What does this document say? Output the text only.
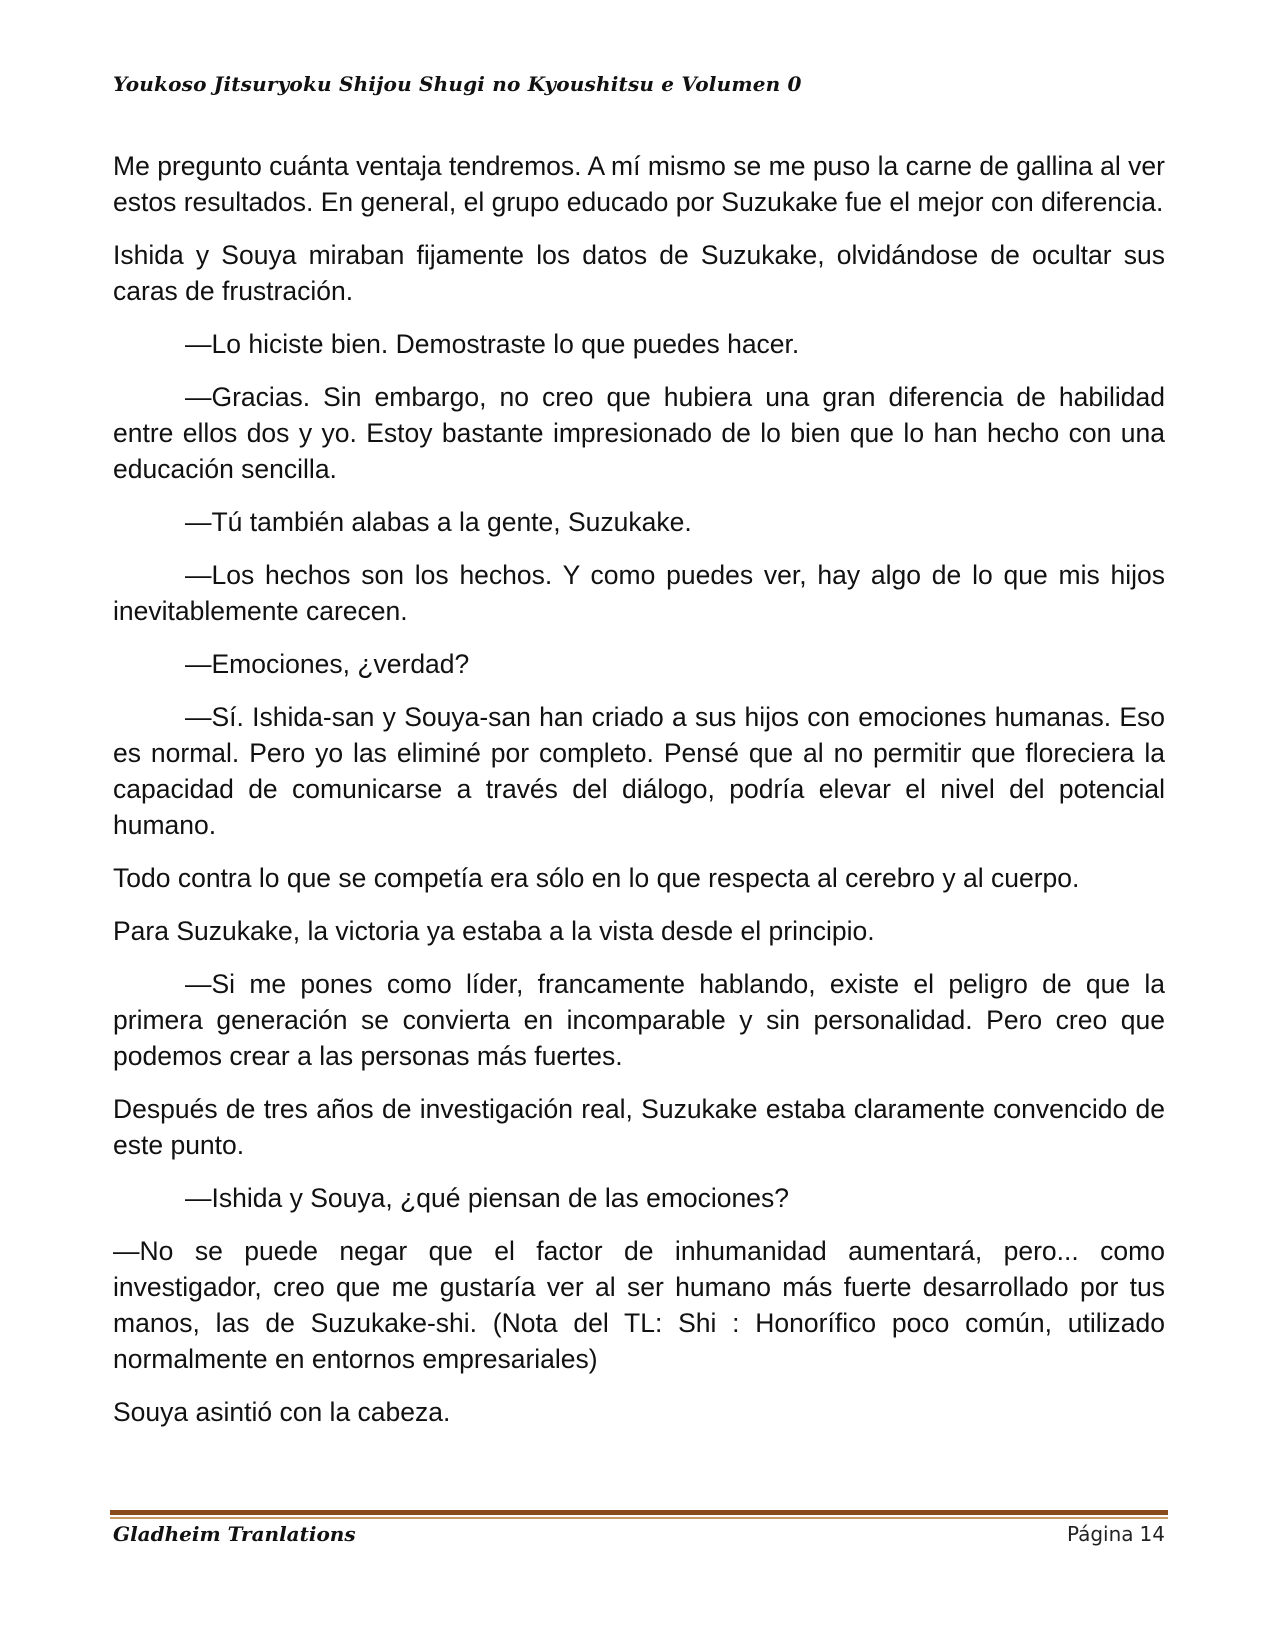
Youkoso Jitsuryoku Shijou Shugi no Kyoushitsu e Volumen 0

Me pregunto cuánta ventaja tendremos. A mí mismo se me puso la carne de gallina al ver estos resultados. En general, el grupo educado por Suzukake fue el mejor con diferencia.

Ishida y Souya miraban fijamente los datos de Suzukake, olvidándose de ocultar sus caras de frustración.

—Lo hiciste bien. Demostraste lo que puedes hacer.

—Gracias. Sin embargo, no creo que hubiera una gran diferencia de habilidad entre ellos dos y yo. Estoy bastante impresionado de lo bien que lo han hecho con una educación sencilla.

—Tú también alabas a la gente, Suzukake.

—Los hechos son los hechos. Y como puedes ver, hay algo de lo que mis hijos inevitablemente carecen.

—Emociones, ¿verdad?

—Sí. Ishida-san y Souya-san han criado a sus hijos con emociones humanas. Eso es normal. Pero yo las eliminé por completo. Pensé que al no permitir que floreciera la capacidad de comunicarse a través del diálogo, podría elevar el nivel del potencial humano.

Todo contra lo que se competía era sólo en lo que respecta al cerebro y al cuerpo.

Para Suzukake, la victoria ya estaba a la vista desde el principio.

—Si me pones como líder, francamente hablando, existe el peligro de que la primera generación se convierta en incomparable y sin personalidad. Pero creo que podemos crear a las personas más fuertes.

Después de tres años de investigación real, Suzukake estaba claramente convencido de este punto.

—Ishida y Souya, ¿qué piensan de las emociones?

—No se puede negar que el factor de inhumanidad aumentará, pero... como investigador, creo que me gustaría ver al ser humano más fuerte desarrollado por tus manos, las de Suzukake-shi. (Nota del TL: Shi : Honorífico poco común, utilizado normalmente en entornos empresariales)

Souya asintió con la cabeza.

Gladheim Tranlations	Página 14
